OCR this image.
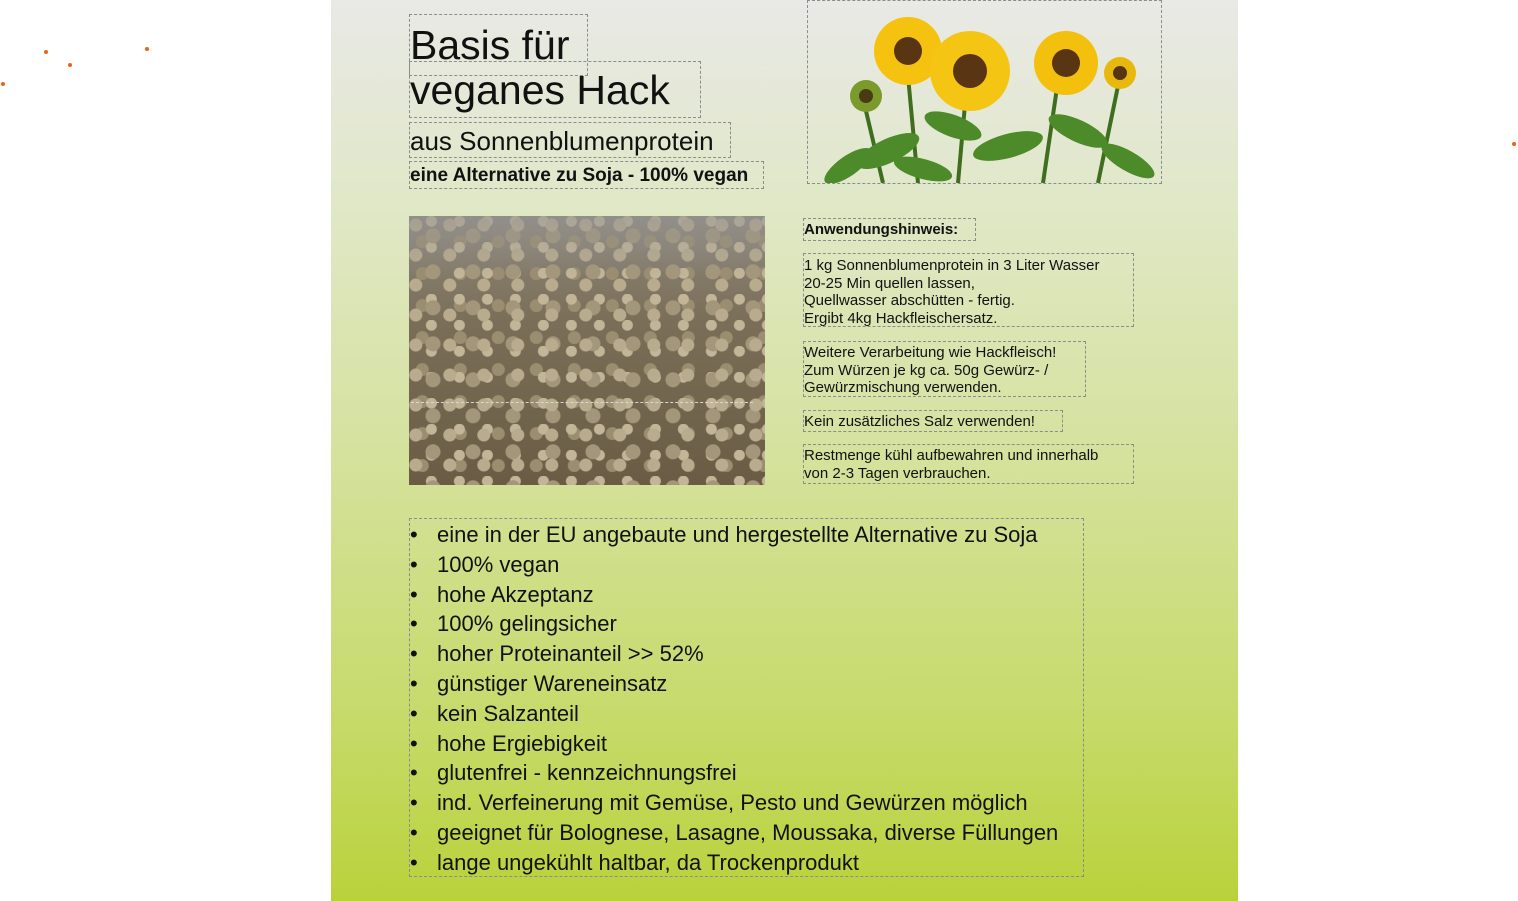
Basis für
veganes Hack
aus Sonnenblumenprotein
eine Alternative zu Soja - 100% vegan
Anwendungshinweis:
1 kg Sonnenblumenprotein in 3 Liter Wasser
20-25 Min quellen lassen,
Quellwasser abschütten - fertig.
Ergibt 4kg Hackfleischersatz.
Weitere Verarbeitung wie Hackfleisch!
Zum Würzen je kg ca. 50g Gewürz- /
Gewürzmischung verwenden.
Kein zusätzliches Salz verwenden!
Restmenge kühl aufbewahren und innerhalb
von 2-3 Tagen verbrauchen.
• eine in der EU angebaute und hergestellte Alternative zu Soja
• 100% vegan
• hohe Akzeptanz
• 100% gelingsicher
• hoher Proteinanteil >> 52%
• günstiger Wareneinsatz
• kein Salzanteil
• hohe Ergiebigkeit
• glutenfrei - kennzeichnungsfrei
• ind. Verfeinerung mit Gemüse, Pesto und Gewürzen möglich
• geeignet für Bolognese, Lasagne, Moussaka, diverse Füllungen
• lange ungekühlt haltbar, da Trockenprodukt
